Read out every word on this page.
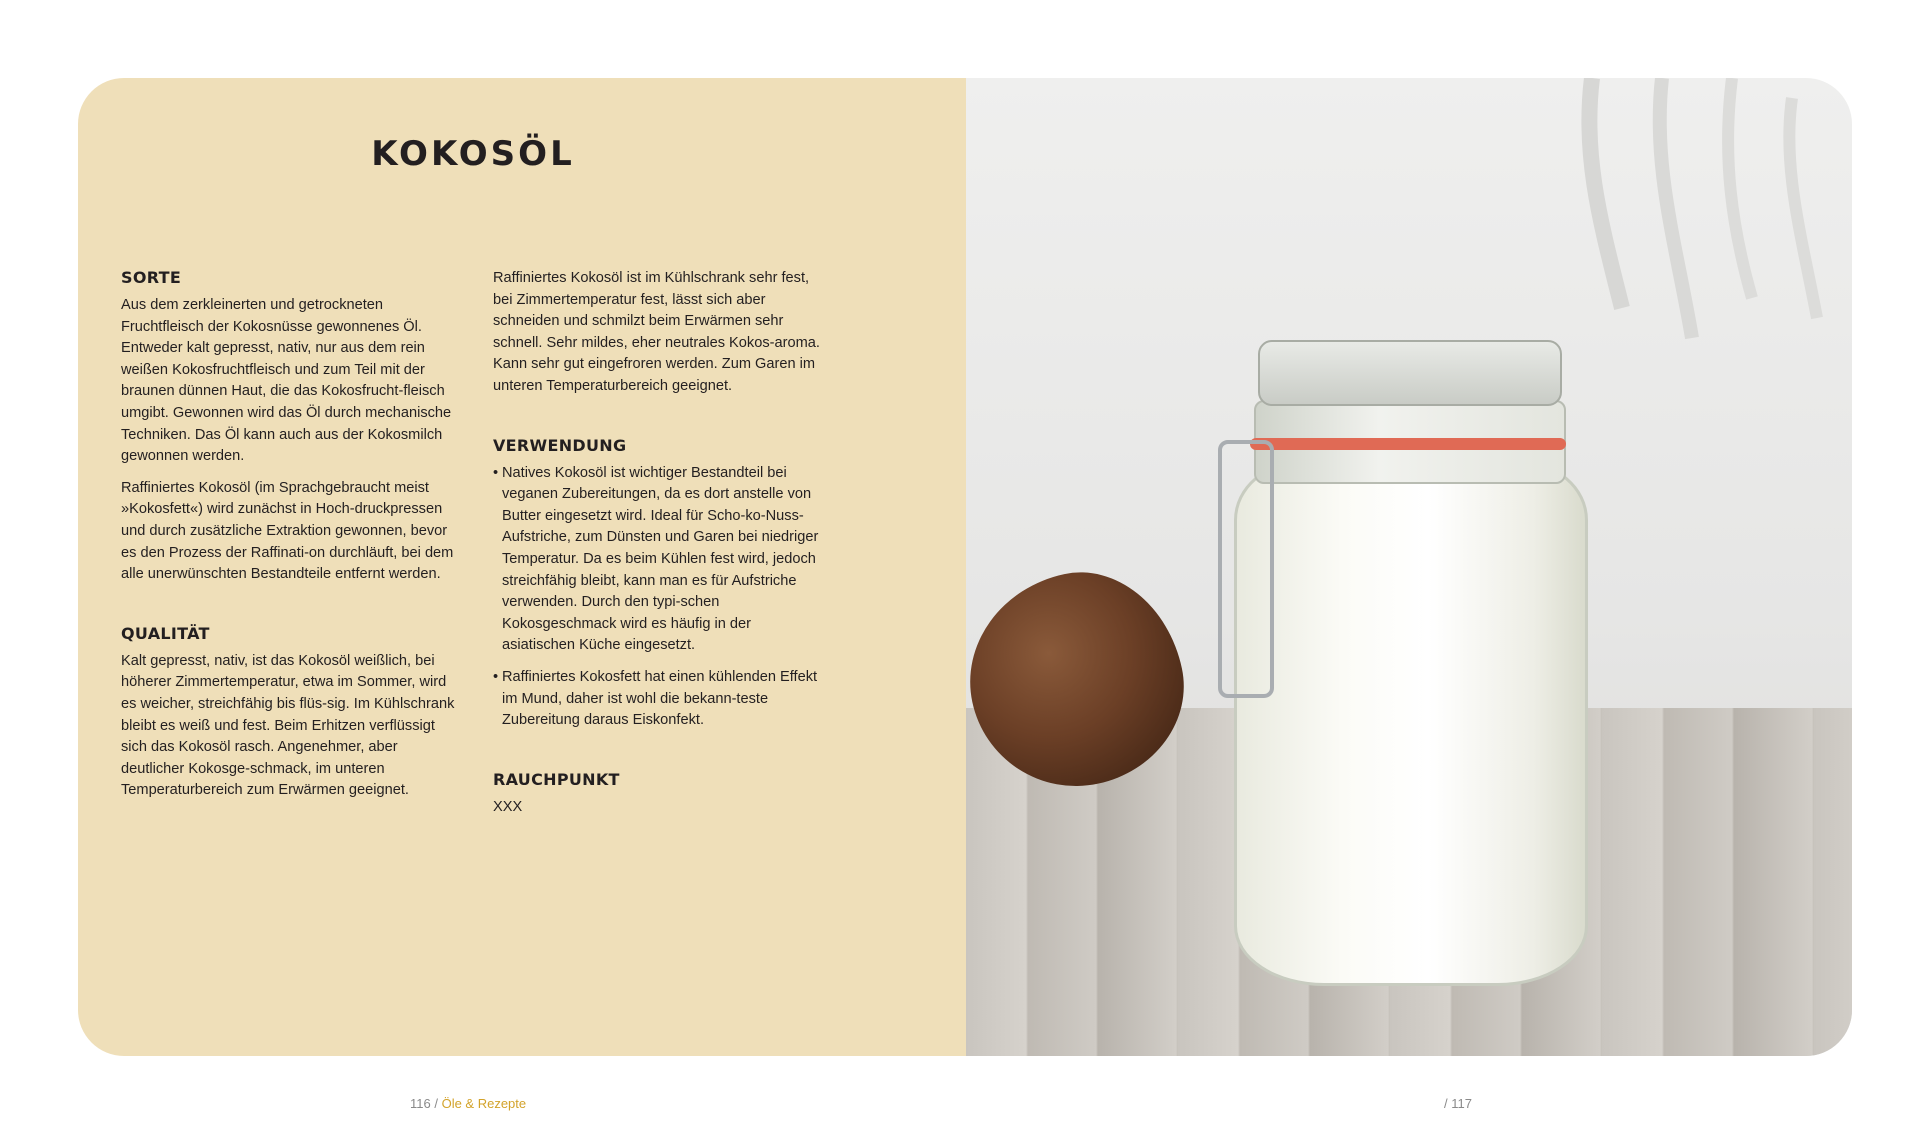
KOKOSÖL
SORTE

Aus dem zerkleinerten und getrockneten Fruchtfleisch der Kokosnüsse gewonnenes Öl. Entweder kalt gepresst, nativ, nur aus dem rein weißen Kokosfruchtfleisch und zum Teil mit der braunen dünnen Haut, die das Kokosfrucht-fleisch umgibt. Gewonnen wird das Öl durch mechanische Techniken. Das Öl kann auch aus der Kokosmilch gewonnen werden.

Raffiniertes Kokosöl (im Sprachgebraucht meist »Kokosfett«) wird zunächst in Hoch-druckpressen und durch zusätzliche Extraktion gewonnen, bevor es den Prozess der Raffinati-on durchläuft, bei dem alle unerwünschten Bestandteile entfernt werden.

QUALITÄT

Kalt gepresst, nativ, ist das Kokosöl weißlich, bei höherer Zimmertemperatur, etwa im Sommer, wird es weicher, streichfähig bis flüs-sig. Im Kühlschrank bleibt es weiß und fest. Beim Erhitzen verflüssigt sich das Kokosöl rasch. Angenehmer, aber deutlicher Kokosge-schmack, im unteren Temperaturbereich zum Erwärmen geeignet.

Raffiniertes Kokosöl ist im Kühlschrank sehr fest, bei Zimmertemperatur fest, lässt sich aber schneiden und schmilzt beim Erwärmen sehr schnell. Sehr mildes, eher neutrales Kokos-aroma. Kann sehr gut eingefroren werden. Zum Garen im unteren Temperaturbereich geeignet.

VERWENDUNG
• Natives Kokosöl ist wichtiger Bestandteil bei veganen Zubereitungen, da es dort anstelle von Butter eingesetzt wird. Ideal für Scho-ko-Nuss-Aufstriche, zum Dünsten und Garen bei niedriger Temperatur. Da es beim Kühlen fest wird, jedoch streichfähig bleibt, kann man es für Aufstriche verwenden. Durch den typi-schen Kokosgeschmack wird es häufig in der asiatischen Küche eingesetzt.
• Raffiniertes Kokosfett hat einen kühlenden Effekt im Mund, daher ist wohl die bekann-teste Zubereitung daraus Eiskonfekt.
RAUCHPUNKT

XXX

116 / Öle & Rezepte	/ 117
